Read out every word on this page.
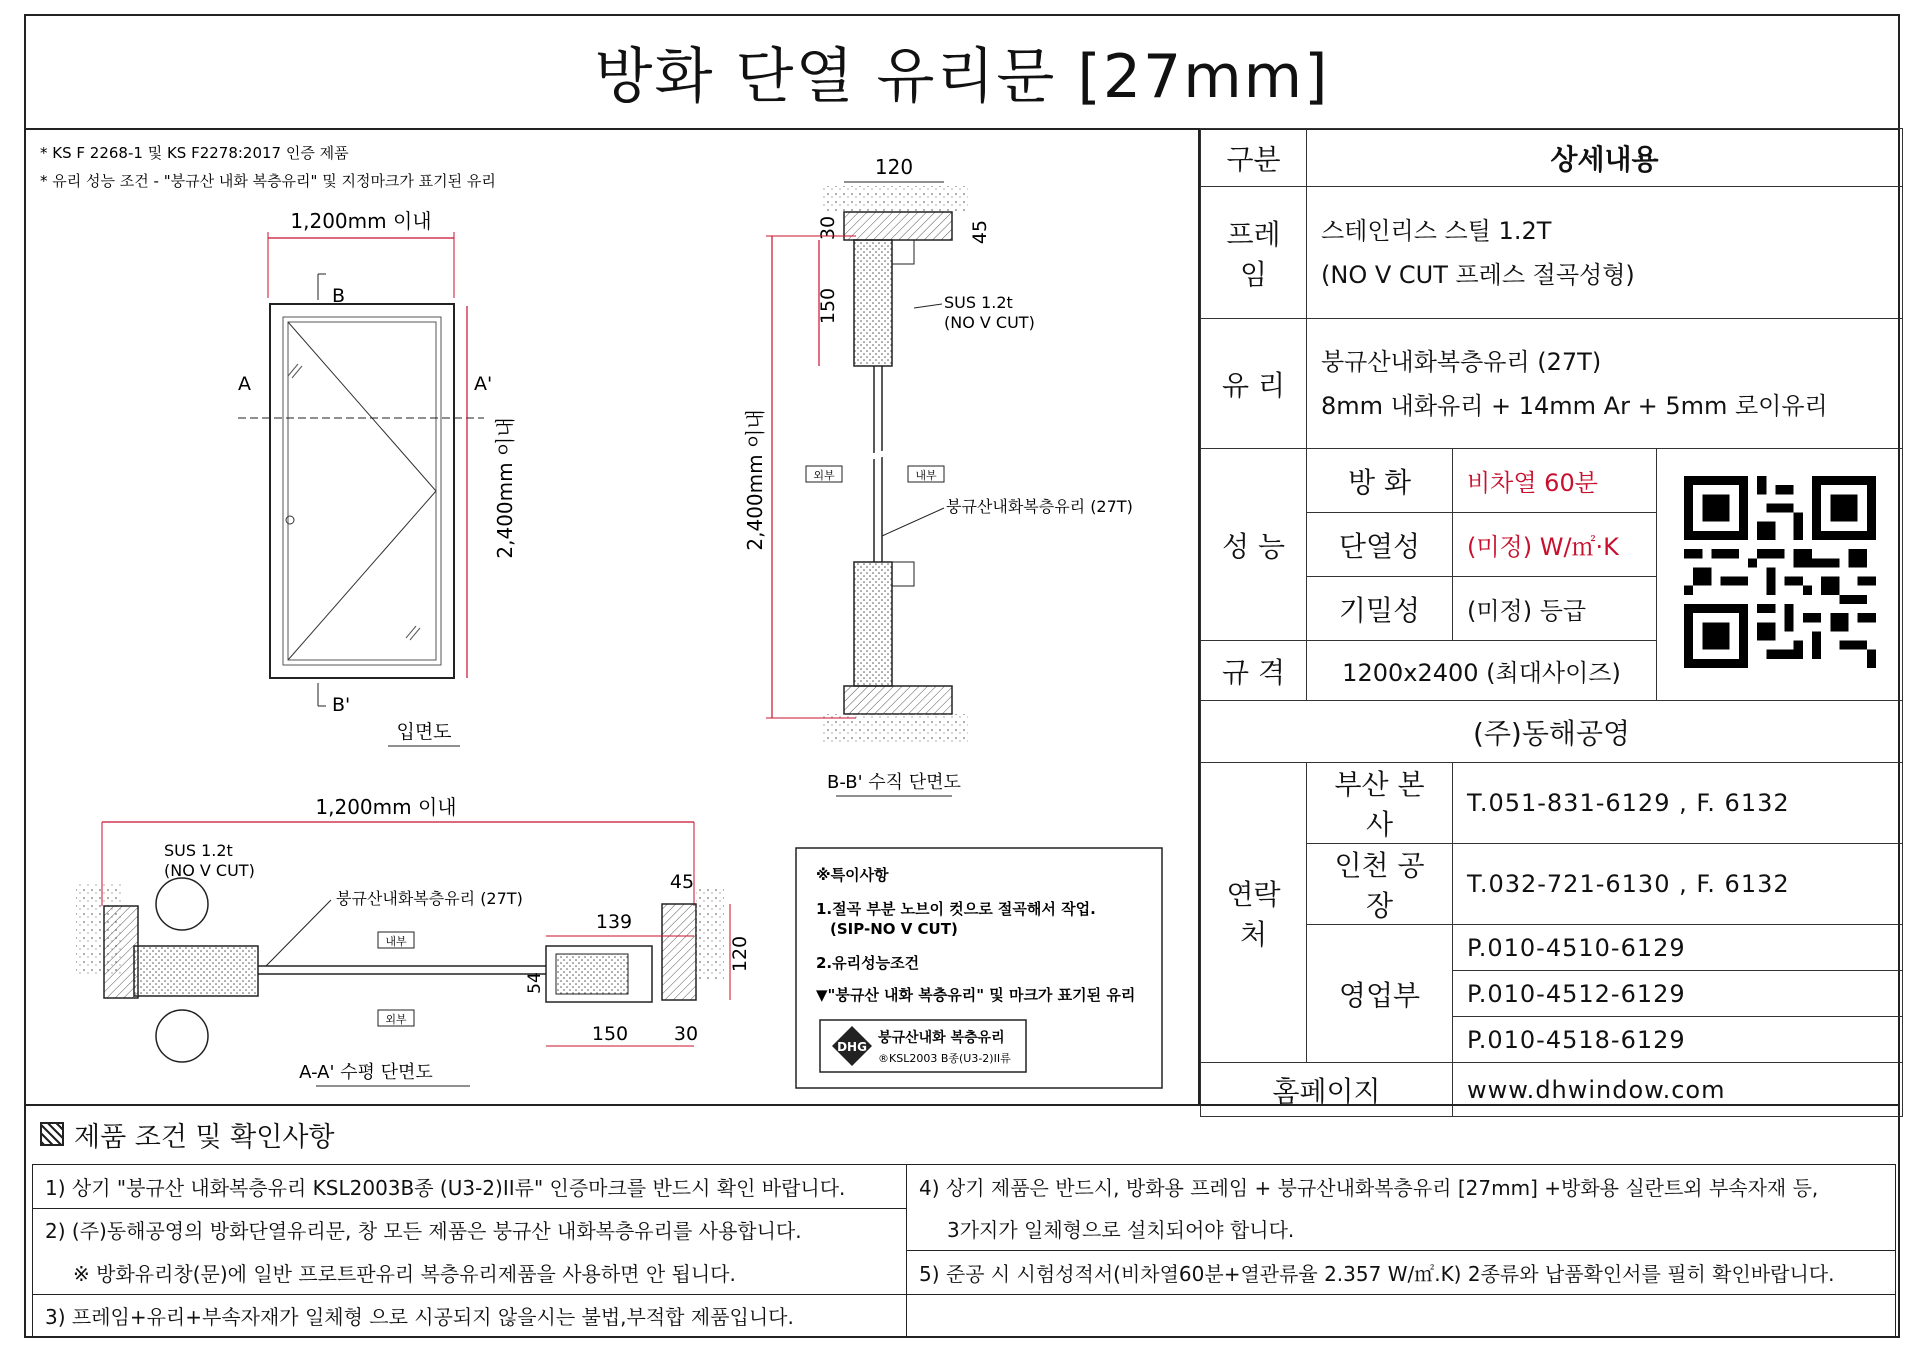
방화 단열 유리문 [27mm]
* KS F 2268-1 및 KS F2278:2017 인증 제품
* 유리 성능 조건 - "붕규산 내화 복층유리" 및 지정마크가 표기된 유리
1,200mm 이내
B
B'
A	A'
2,400mm 이내
입면도
120
30	45
150	SUS 1.2t
(NO V CUT)
외부	내부
붕규산내화복층유리 (27T)
2,400mm 이내
B-B' 수직 단면도
1,200mm 이내
SUS 1.2t
(NO V CUT)
붕규산내화복층유리 (27T)
내부
외부
45
139
54
120
150 30
A-A' 수평 단면도
※특이사항
1.절곡 부분 노브이 컷으로 절곡해서 작업.
(SIP-NO V CUT)
2.유리성능조건
▼"붕규산 내화 복층유리" 및 마크가 표기된 유리
DHG
붕규산내화 복층유리
®KSL2003 B종(U3-2)II류
구분	상세내용		
프레임	스테인리스 스틸 1.2T
(NO V CUT 프레스 절곡성형)		

유 리	붕규산내화복층유리 (27T)
8mm 내화유리 + 14mm Ar + 5mm 로이유리		

성 능	방 화	비차열 60분	
	단열성	(미정) W/㎡·K	
	기밀성	(미정) 등급	
규 격	1200x2400 (최대사이즈)		
(주)동해공영			
연락처	부산 본사	T.051-831-6129 , F. 6132	
	인천 공장	T.032-721-6130 , F. 6132	
	영업부	P.010-4510-6129	
		P.010-4512-6129	
		P.010-4518-6129	
홈페이지		www.dhwindow.com	
제품 조건 및 확인사항
1) 상기 "붕규산 내화복층유리 KSL2003B종 (U3-2)II류" 인증마크를 반드시 확인 바랍니다.
2) (주)동해공영의 방화단열유리문, 창 모든 제품은 붕규산 내화복층유리를 사용합니다.
※ 방화유리창(문)에 일반 프로트판유리 복층유리제품을 사용하면 안 됩니다.
3) 프레임+유리+부속자재가 일체형 으로 시공되지 않을시는 불법,부적합 제품입니다.
4) 상기 제품은 반드시, 방화용 프레임 + 붕규산내화복층유리 [27mm] +방화용 실란트외 부속자재 등,
3가지가 일체형으로 설치되어야 합니다.
5) 준공 시 시험성적서(비차열60분+열관류율 2.357 W/㎡.K) 2종류와 납품확인서를 필히 확인바랍니다.
